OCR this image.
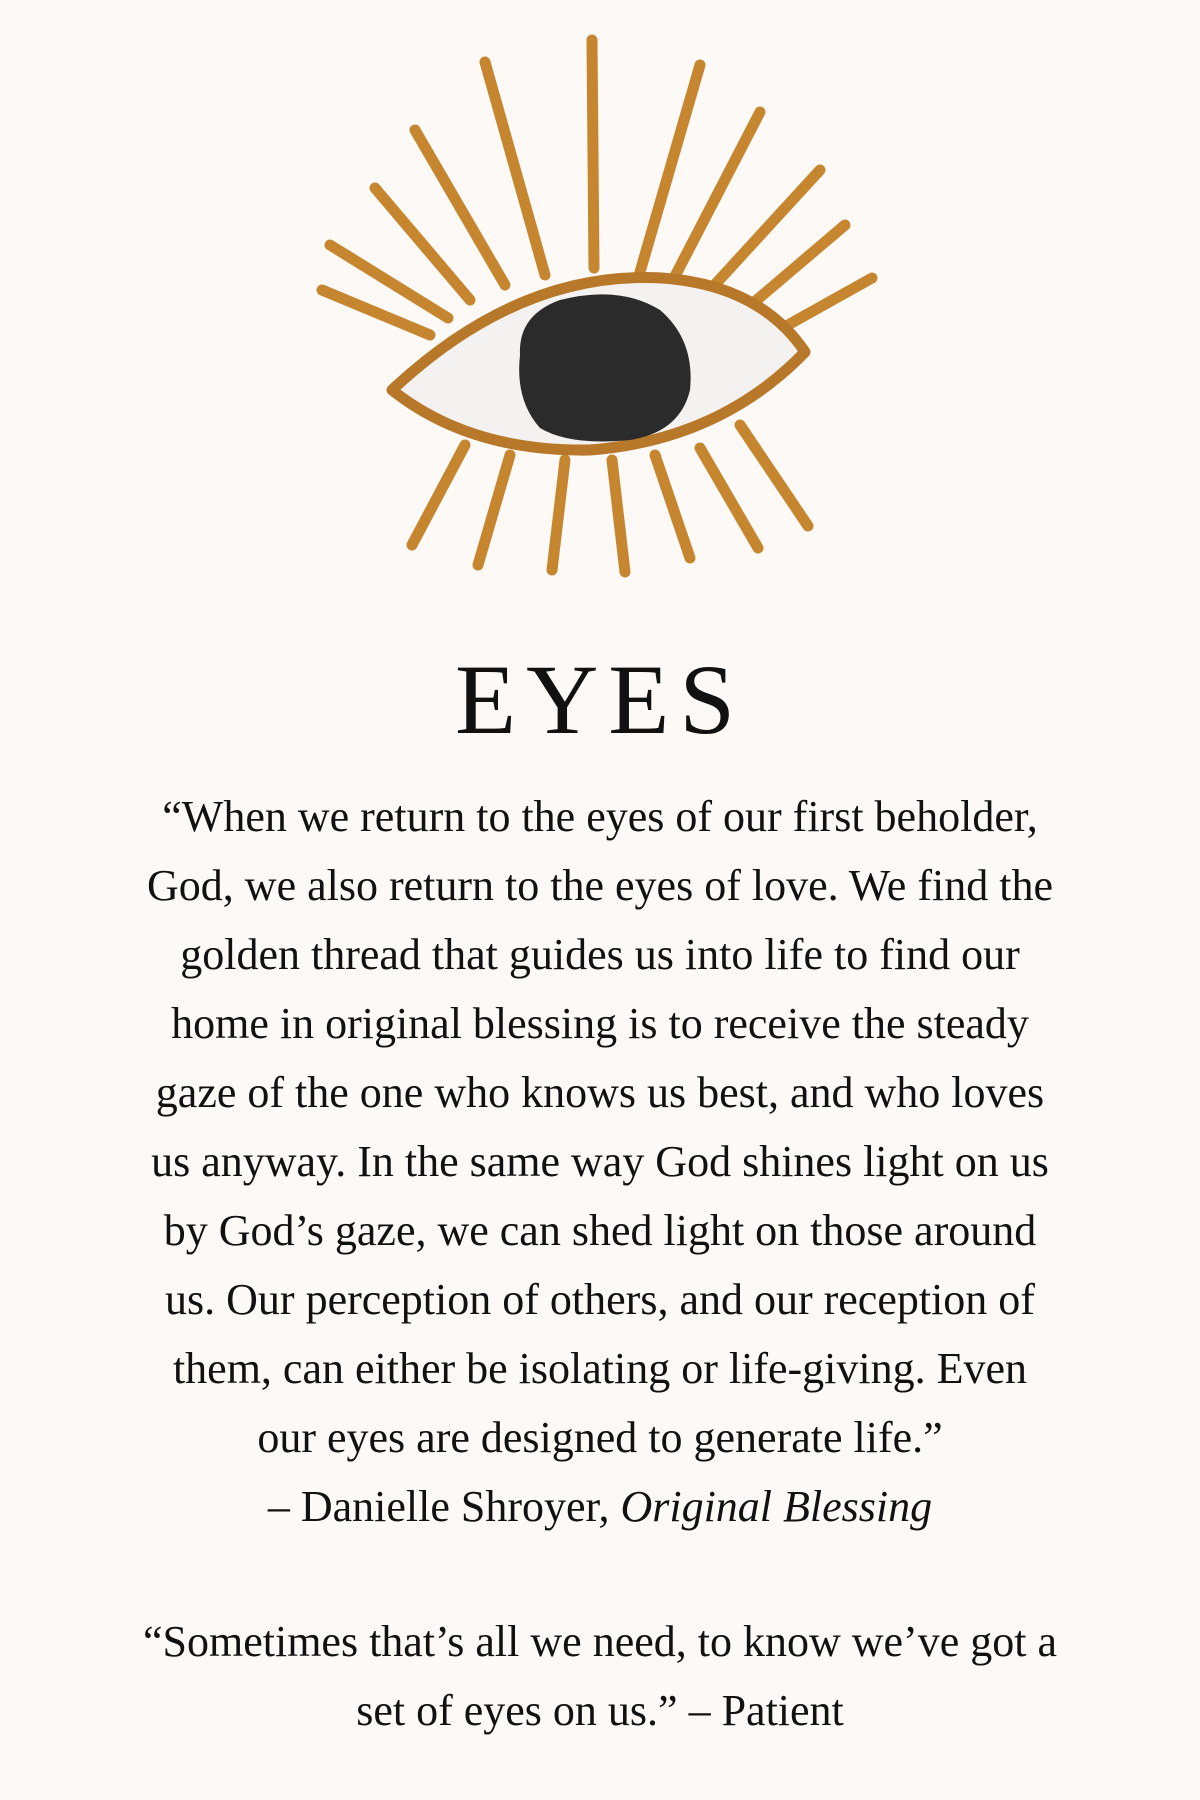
EYES

“When we return to the eyes of our first beholder,
God, we also return to the eyes of love. We find the
golden thread that guides us into life to find our
home in original blessing is to receive the steady
gaze of the one who knows us best, and who loves
us anyway. In the same way God shines light on us
by God’s gaze, we can shed light on those around
us. Our perception of others, and our reception of
them, can either be isolating or life-giving. Even
our eyes are designed to generate life.”
– Danielle Shroyer, Original Blessing

“Sometimes that’s all we need, to know we’ve got a
set of eyes on us.” – Patient
